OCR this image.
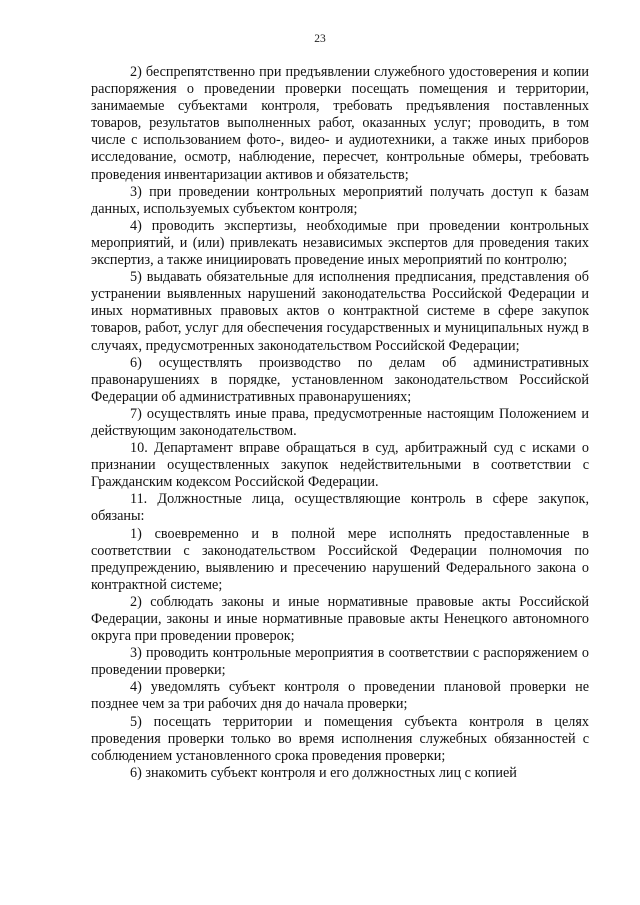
23

2) беспрепятственно при предъявлении служебного удостоверения и копии распоряжения о проведении проверки посещать помещения и территории, занимаемые субъектами контроля, требовать предъявления поставленных товаров, результатов выполненных работ, оказанных услуг; проводить, в том числе с использованием фото-, видео- и аудиотехники, а также иных приборов исследование, осмотр, наблюдение, пересчет, контрольные обмеры, требовать проведения инвентаризации активов и обязательств;

3) при проведении контрольных мероприятий получать доступ к базам данных, используемых субъектом контроля;

4) проводить экспертизы, необходимые при проведении контрольных мероприятий, и (или) привлекать независимых экспертов для проведения таких экспертиз, а также инициировать проведение иных мероприятий по контролю;

5) выдавать обязательные для исполнения предписания, представления об устранении выявленных нарушений законодательства Российской Федерации и иных нормативных правовых актов о контрактной системе в сфере закупок товаров, работ, услуг для обеспечения государственных и муниципальных нужд в случаях, предусмотренных законодательством Российской Федерации;

6) осуществлять производство по делам об административных правонарушениях в порядке, установленном законодательством Российской Федерации об административных правонарушениях;

7) осуществлять иные права, предусмотренные настоящим Положением и действующим законодательством.

10. Департамент вправе обращаться в суд, арбитражный суд с исками о признании осуществленных закупок недействительными в соответствии с Гражданским кодексом Российской Федерации.

11. Должностные лица, осуществляющие контроль в сфере закупок, обязаны:

1) своевременно и в полной мере исполнять предоставленные в соответствии с законодательством Российской Федерации полномочия по предупреждению, выявлению и пресечению нарушений Федерального закона о контрактной системе;

2) соблюдать законы и иные нормативные правовые акты Российской Федерации, законы и иные нормативные правовые акты Ненецкого автономного округа при проведении проверок;

3) проводить контрольные мероприятия в соответствии с распоряжением о проведении проверки;

4) уведомлять субъект контроля о проведении плановой проверки не позднее чем за три рабочих дня до начала проверки;

5) посещать территории и помещения субъекта контроля в целях проведения проверки только во время исполнения служебных обязанностей с соблюдением установленного срока проведения проверки;

6) знакомить субъект контроля и его должностных лиц с копией
